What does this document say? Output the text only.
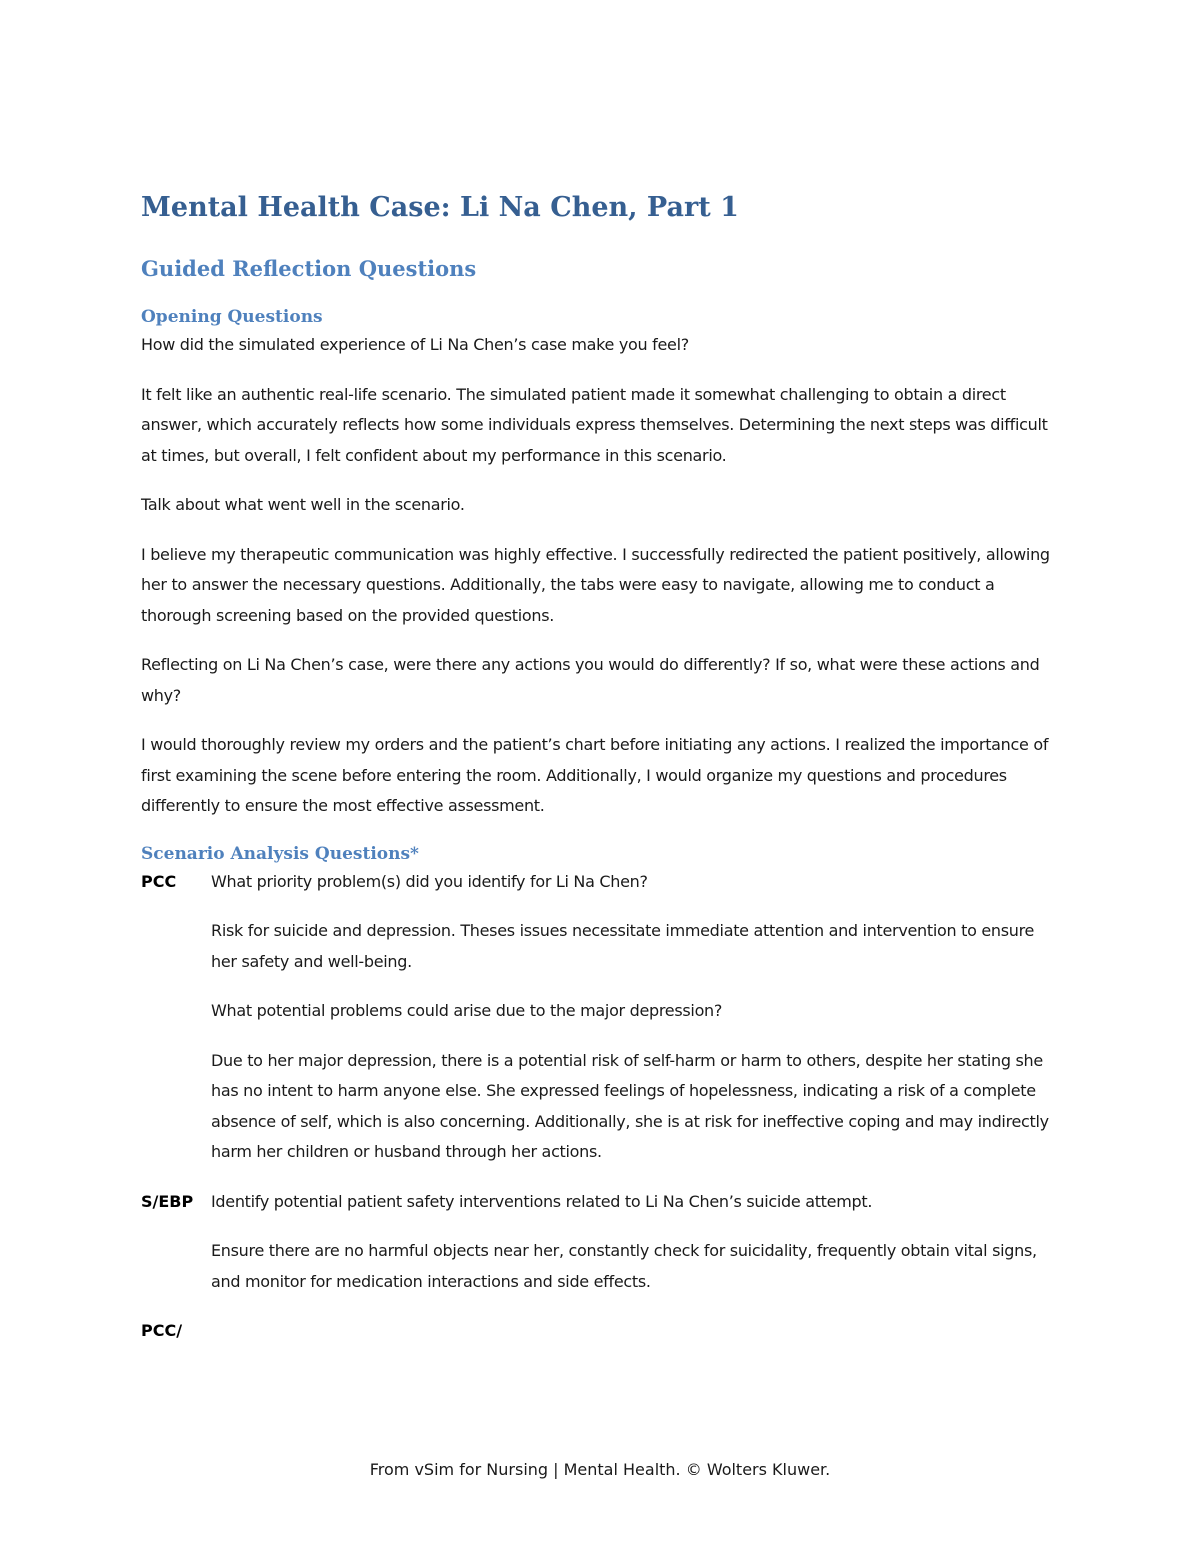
Mental Health Case: Li Na Chen, Part 1
Guided Reflection Questions
Opening Questions

How did the simulated experience of Li Na Chen’s case make you feel?

It felt like an authentic real-life scenario. The simulated patient made it somewhat challenging to obtain a direct answer, which accurately reflects how some individuals express themselves. Determining the next steps was difficult at times, but overall, I felt confident about my performance in this scenario.

Talk about what went well in the scenario.

I believe my therapeutic communication was highly effective. I successfully redirected the patient positively, allowing her to answer the necessary questions. Additionally, the tabs were easy to navigate, allowing me to conduct a thorough screening based on the provided questions.

Reflecting on Li Na Chen’s case, were there any actions you would do differently? If so, what were these actions and why?

I would thoroughly review my orders and the patient’s chart before initiating any actions. I realized the importance of first examining the scene before entering the room. Additionally, I would organize my questions and procedures differently to ensure the most effective assessment.

Scenario Analysis Questions*
PCC	What priority problem(s) did you identify for Li Na Chen?

Risk for suicide and depression. Theses issues necessitate immediate attention and intervention to ensure her safety and well-being.

What potential problems could arise due to the major depression?

Due to her major depression, there is a potential risk of self-harm or harm to others, despite her stating she has no intent to harm anyone else. She expressed feelings of hopelessness, indicating a risk of a complete absence of self, which is also concerning. Additionally, she is at risk for ineffective coping and may indirectly harm her children or husband through her actions.

S/EBP	Identify potential patient safety interventions related to Li Na Chen’s suicide attempt.

Ensure there are no harmful objects near her, constantly check for suicidality, frequently obtain vital signs, and monitor for medication interactions and side effects.

PCC/
From vSim for Nursing | Mental Health. © Wolters Kluwer.
